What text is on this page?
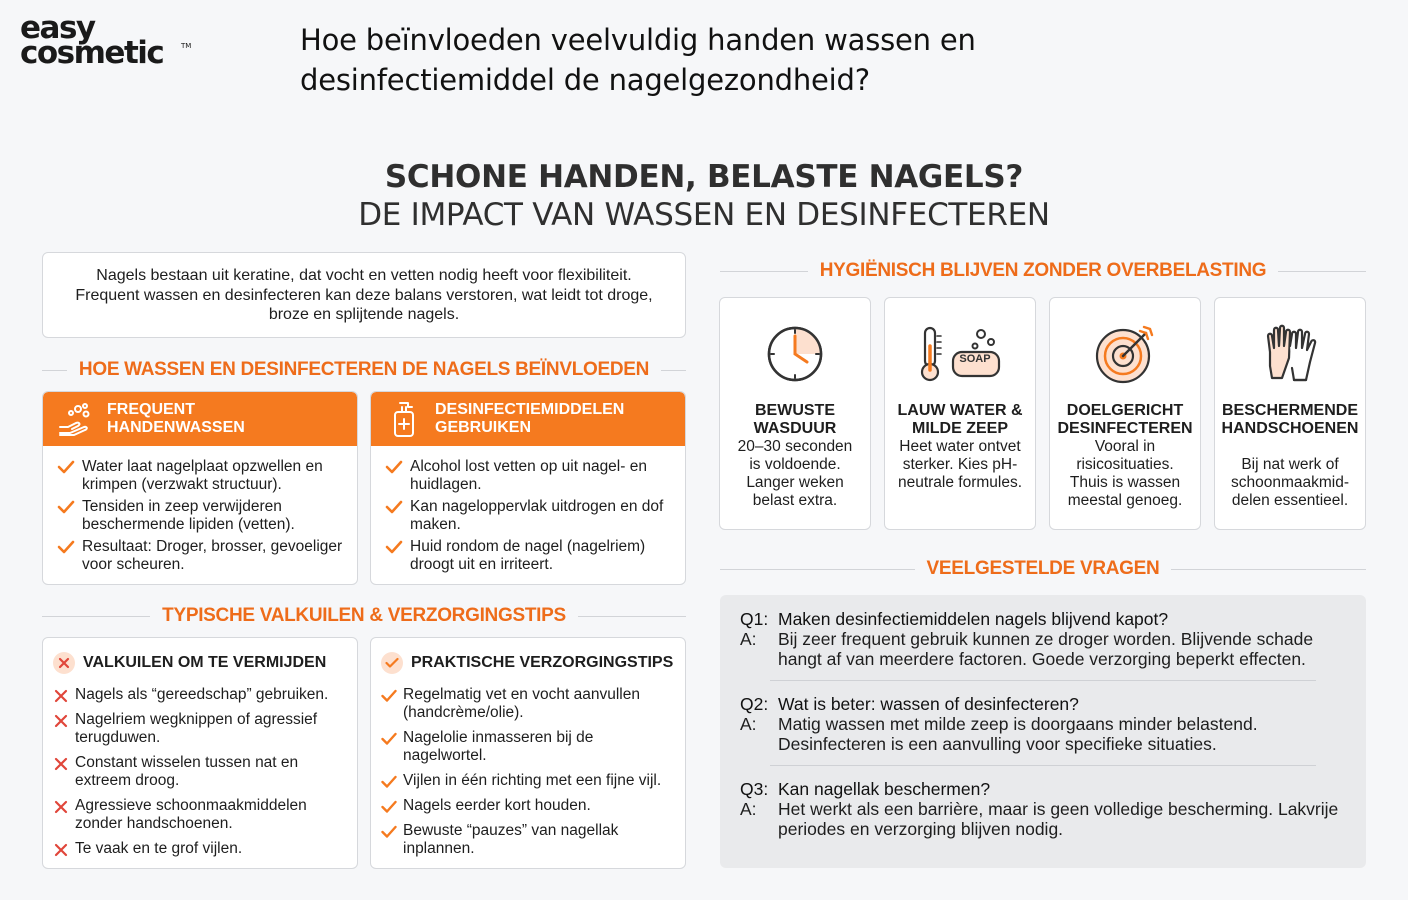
easy
cosmetic	TM	Hoe beïnvloeden veelvuldig handen wassen en desinfectiemiddel de nagelgezondheid?
SCHONE HANDEN, BELASTE NAGELS?
DE IMPACT VAN WASSEN EN DESINFECTEREN
Nagels bestaan uit keratine, dat vocht en vetten nodig heeft voor flexibiliteit. Frequent wassen en desinfecteren kan deze balans verstoren, wat leidt tot droge, broze en splijtende nagels.
HOE WASSEN EN DESINFECTEREN DE NAGELS BEÏNVLOEDEN
FREQUENT HANDENWASSEN
Water laat nagelplaat opzwellen en krimpen (verzwakt structuur).
Tensiden in zeep verwijderen beschermende lipiden (vetten).
Resultaat: Droger, brosser, gevoeliger voor scheuren.
DESINFECTIEMIDDELEN GEBRUIKEN
Alcohol lost vetten op uit nagel- en huidlagen.
Kan nageloppervlak uitdrogen en dof maken.
Huid rondom de nagel (nagelriem) droogt uit en irriteert.
TYPISCHE VALKUILEN & VERZORGINGSTIPS
VALKUILEN OM TE VERMIJDEN
Nagels als “gereedschap” gebruiken.
Nagelriem wegknippen of agressief terugduwen.
Constant wisselen tussen nat en extreem droog.
Agressieve schoonmaakmiddelen zonder handschoenen.
Te vaak en te grof vijlen.
PRAKTISCHE VERZORGINGSTIPS
Regelmatig vet en vocht aanvullen (handcrème/olie).
Nagelolie inmasseren bij de nagelwortel.
Vijlen in één richting met een fijne vijl.
Nagels eerder kort houden.
Bewuste “pauzes” van nagellak inplannen.
HYGIËNISCH BLIJVEN ZONDER OVERBELASTING
BEWUSTE WASDUUR
20–30 seconden is voldoende. Langer weken belast extra.
SOAP
LAUW WATER & MILDE ZEEP
Heet water ontvet sterker. Kies pH-neutrale formules.
DOELGERICHT DESINFECTEREN
Vooral in risicosituaties. Thuis is wassen meestal genoeg.
BESCHERMENDE HANDSCHOENEN
Bij nat werk of schoonmaakmid-delen essentieel.
VEELGESTELDE VRAGEN
Q1: Maken desinfectiemiddelen nagels blijvend kapot?
A:	Bij zeer frequent gebruik kunnen ze droger worden. Blijvende schade hangt af van meerdere factoren. Goede verzorging beperkt effecten.
Q2: Wat is beter: wassen of desinfecteren?
A:	Matig wassen met milde zeep is doorgaans minder belastend. Desinfecteren is een aanvulling voor specifieke situaties.
Q3: Kan nagellak beschermen?
A:	Het werkt als een barrière, maar is geen volledige bescherming. Lakvrije periodes en verzorging blijven nodig.
